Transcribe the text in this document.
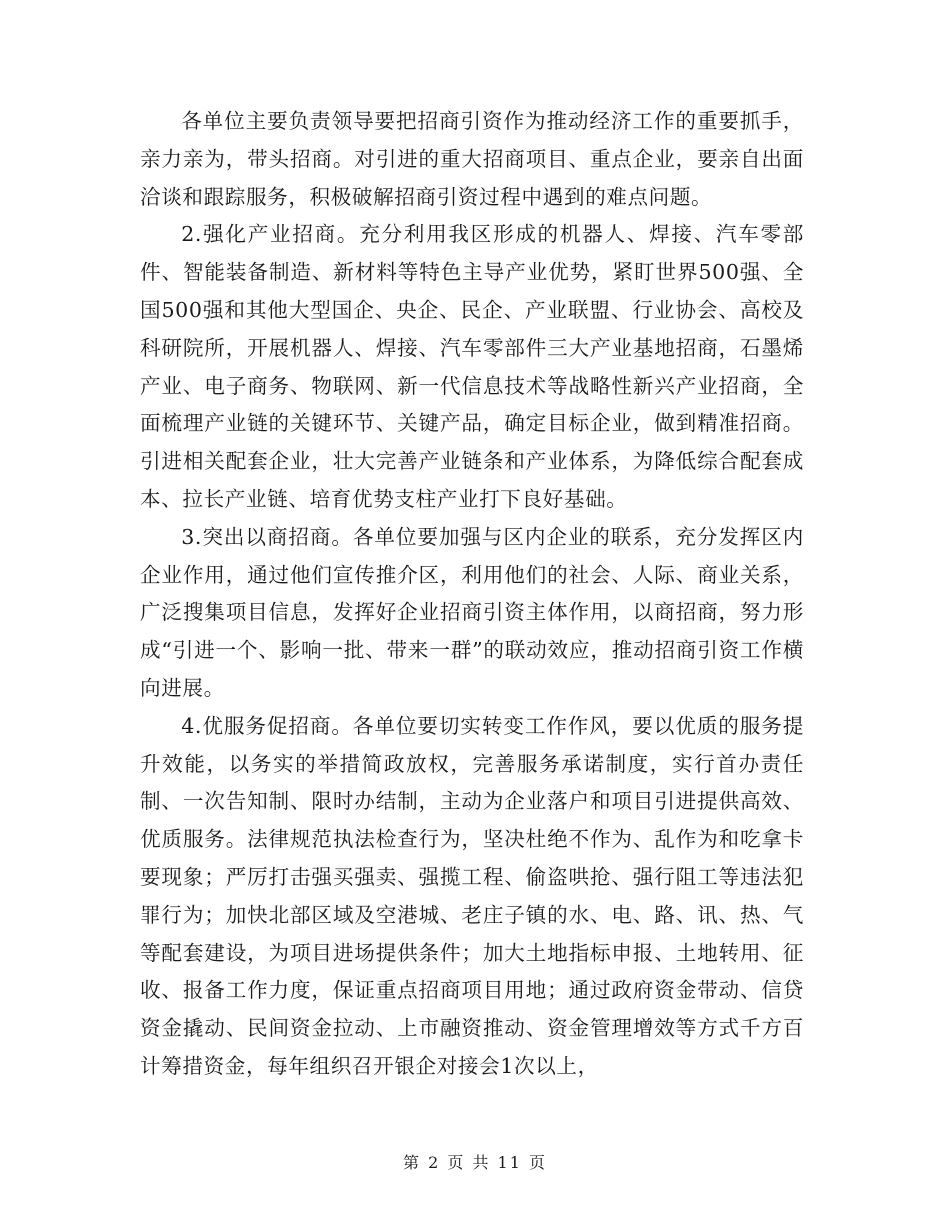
各单位主要负责领导要把招商引资作为推动经济工作的重要抓手，亲力亲为，带头招商。对引进的重大招商项目、重点企业，要亲自出面洽谈和跟踪服务，积极破解招商引资过程中遇到的难点问题。

2.强化产业招商。充分利用我区形成的机器人、焊接、汽车零部件、智能装备制造、新材料等特色主导产业优势，紧盯世界500强、全国500强和其他大型国企、央企、民企、产业联盟、行业协会、高校及科研院所，开展机器人、焊接、汽车零部件三大产业基地招商，石墨烯产业、电子商务、物联网、新一代信息技术等战略性新兴产业招商，全面梳理产业链的关键环节、关键产品，确定目标企业，做到精准招商。引进相关配套企业，壮大完善产业链条和产业体系，为降低综合配套成本、拉长产业链、培育优势支柱产业打下良好基础。

3.突出以商招商。各单位要加强与区内企业的联系，充分发挥区内企业作用，通过他们宣传推介区，利用他们的社会、人际、商业关系，广泛搜集项目信息，发挥好企业招商引资主体作用，以商招商，努力形成“引进一个、影响一批、带来一群”的联动效应，推动招商引资工作横向进展。

4.优服务促招商。各单位要切实转变工作作风，要以优质的服务提升效能，以务实的举措简政放权，完善服务承诺制度，实行首办责任制、一次告知制、限时办结制，主动为企业落户和项目引进提供高效、优质服务。法律规范执法检查行为，坚决杜绝不作为、乱作为和吃拿卡要现象；严厉打击强买强卖、强揽工程、偷盗哄抢、强行阻工等违法犯罪行为；加快北部区域及空港城、老庄子镇的水、电、路、讯、热、气等配套建设，为项目进场提供条件；加大土地指标申报、土地转用、征收、报备工作力度，保证重点招商项目用地；通过政府资金带动、信贷资金撬动、民间资金拉动、上市融资推动、资金管理增效等方式千方百计筹措资金，每年组织召开银企对接会1次以上，

第 2 页 共 11 页
